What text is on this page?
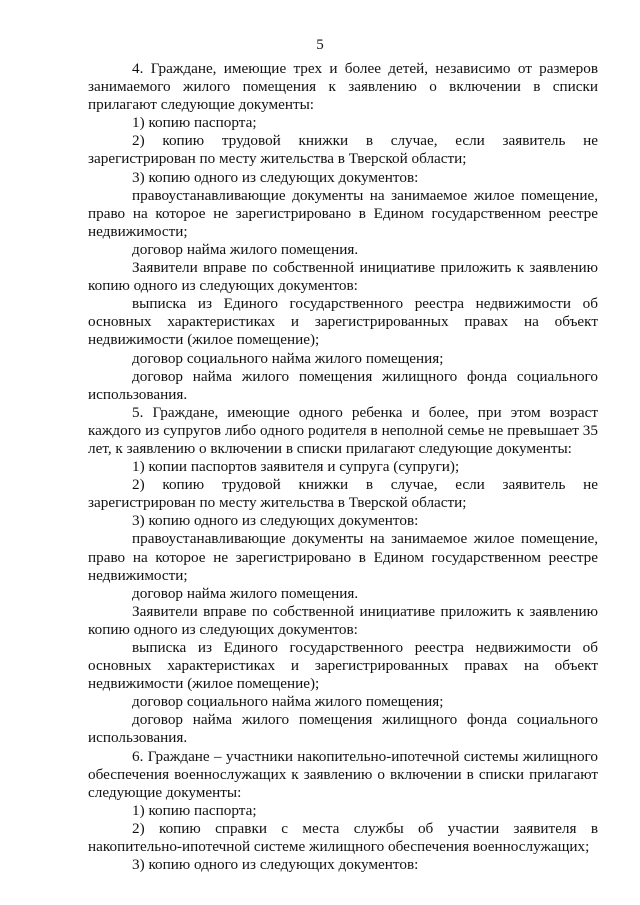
5

4. Граждане, имеющие трех и более детей, независимо от размеров занимаемого жилого помещения к заявлению о включении в списки прилагают следующие документы:

1) копию паспорта;

2) копию трудовой книжки в случае, если заявитель не зарегистрирован по месту жительства в Тверской области;

3) копию одного из следующих документов:

правоустанавливающие документы на занимаемое жилое помещение, право на которое не зарегистрировано в Едином государственном реестре недвижимости;

договор найма жилого помещения.

Заявители вправе по собственной инициативе приложить к заявлению копию одного из следующих документов:

выписка из Единого государственного реестра недвижимости об основных характеристиках и зарегистрированных правах на объект недвижимости (жилое помещение);

договор социального найма жилого помещения;

договор найма жилого помещения жилищного фонда социального использования.

5. Граждане, имеющие одного ребенка и более, при этом возраст каждого из супругов либо одного родителя в неполной семье не превышает 35 лет, к заявлению о включении в списки прилагают следующие документы:

1) копии паспортов заявителя и супруга (супруги);

2) копию трудовой книжки в случае, если заявитель не зарегистрирован по месту жительства в Тверской области;

3) копию одного из следующих документов:

правоустанавливающие документы на занимаемое жилое помещение, право на которое не зарегистрировано в Едином государственном реестре недвижимости;

договор найма жилого помещения.

Заявители вправе по собственной инициативе приложить к заявлению копию одного из следующих документов:

выписка из Единого государственного реестра недвижимости об основных характеристиках и зарегистрированных правах на объект недвижимости (жилое помещение);

договор социального найма жилого помещения;

договор найма жилого помещения жилищного фонда социального использования.

6. Граждане – участники накопительно-ипотечной системы жилищного обеспечения военнослужащих к заявлению о включении в списки прилагают следующие документы:

1) копию паспорта;

2) копию справки с места службы об участии заявителя в накопительно-ипотечной системе жилищного обеспечения военнослужащих;

3) копию одного из следующих документов:
